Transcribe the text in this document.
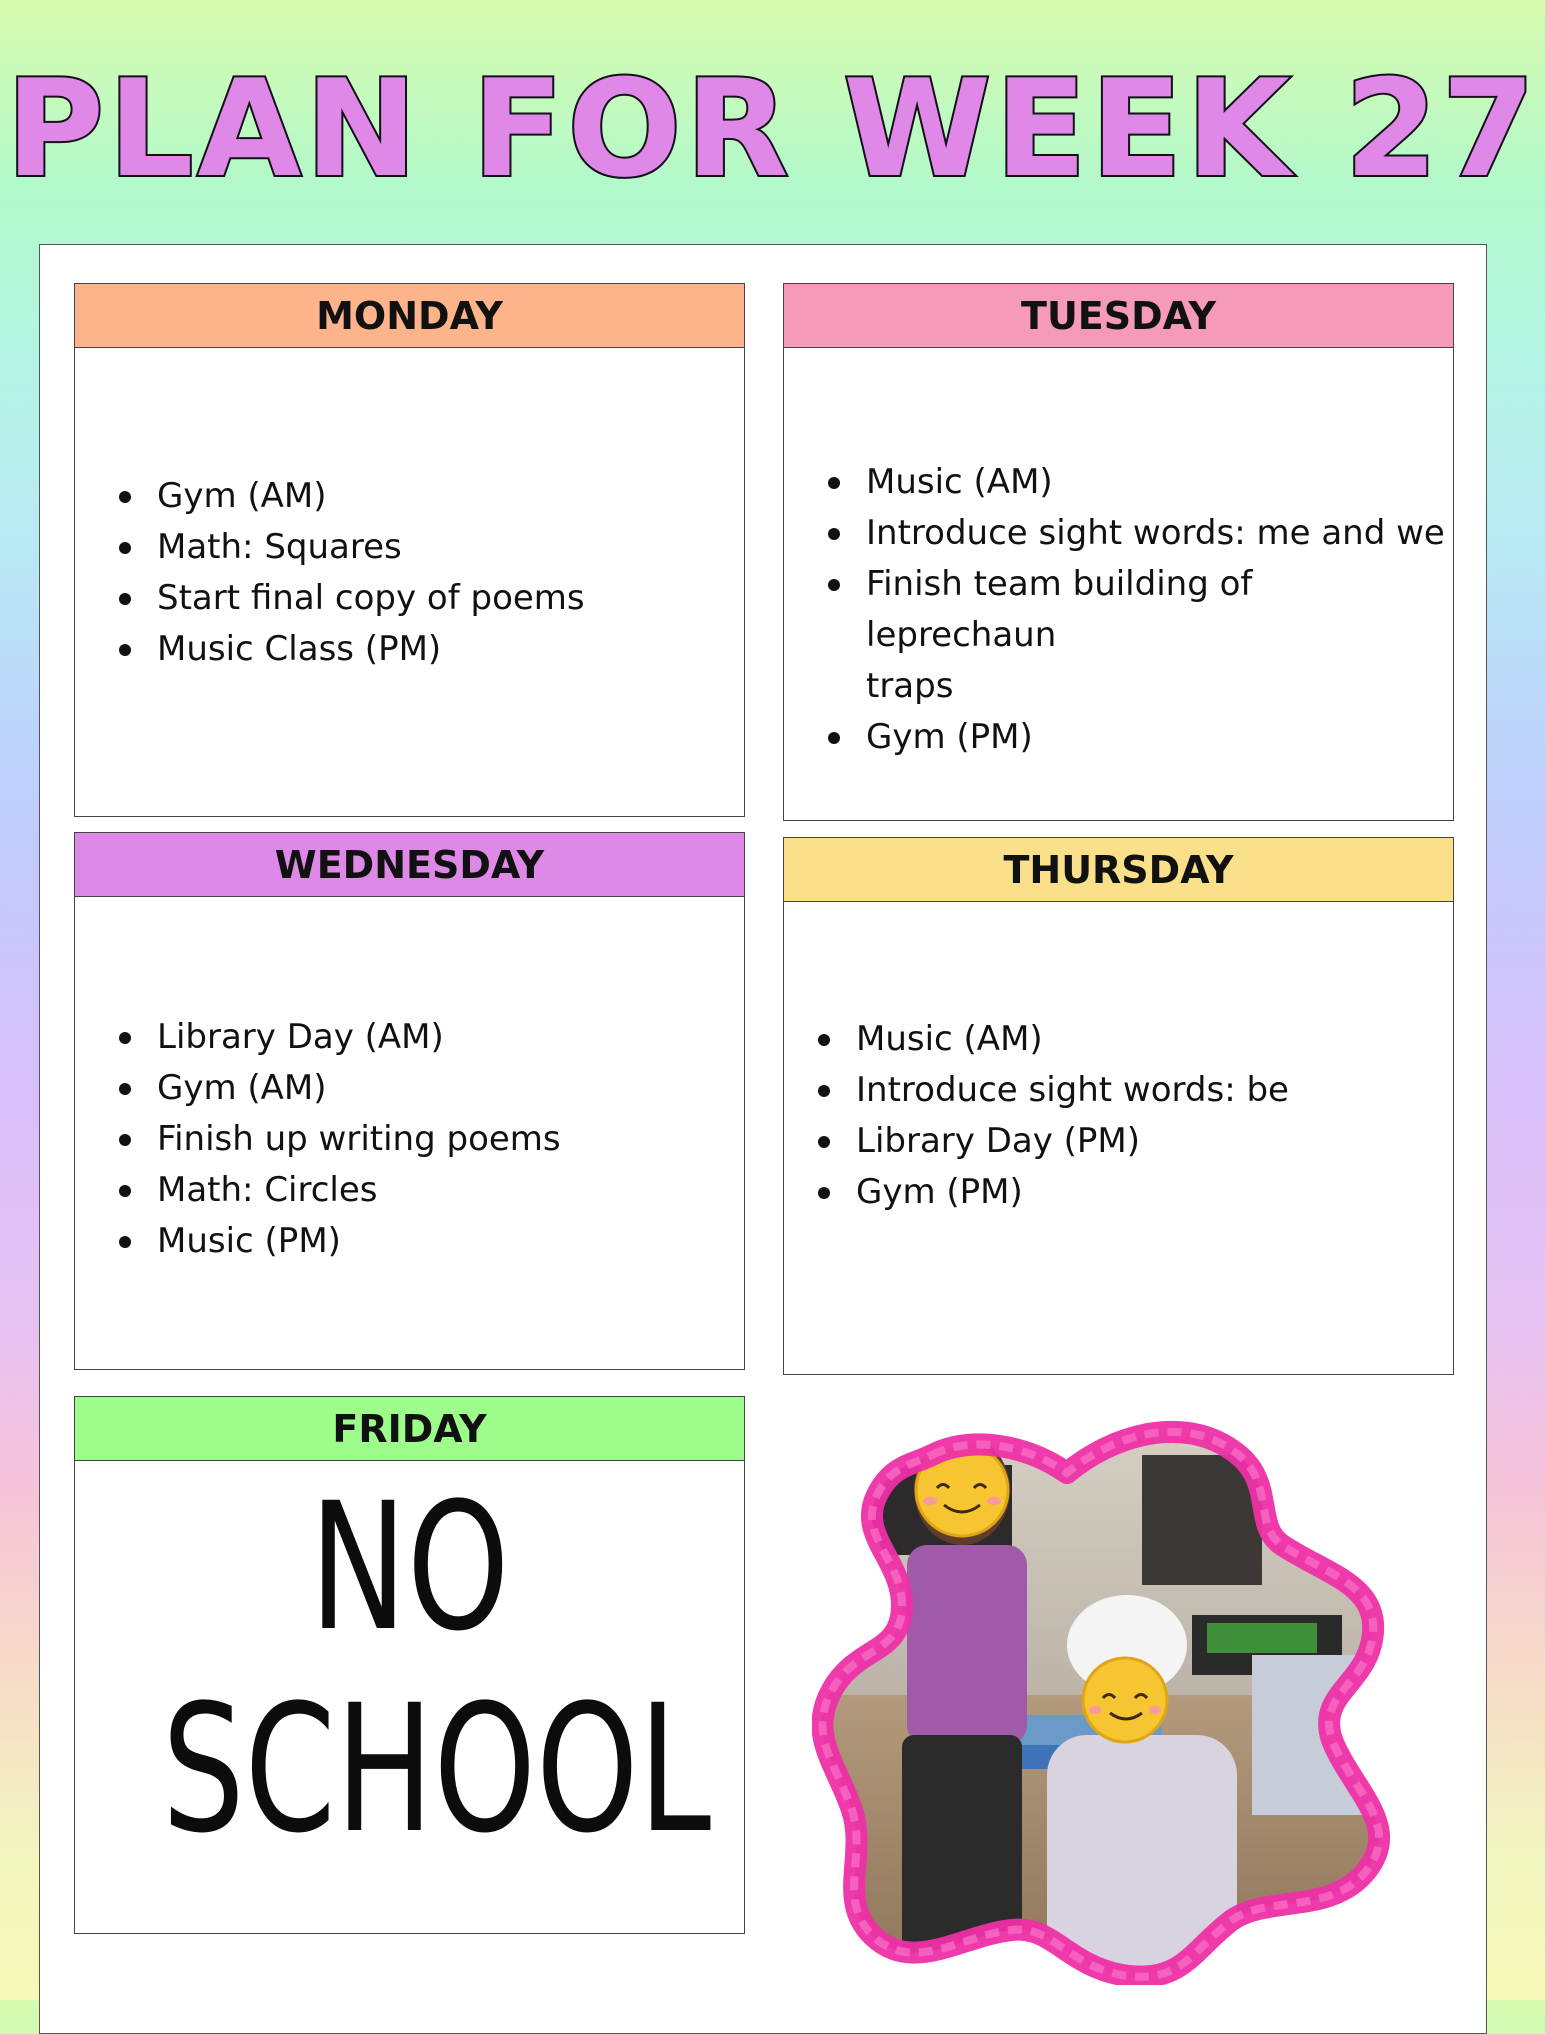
PLAN FOR WEEK 27
MONDAY
Gym (AM)
Math: Squares
Start final copy of poems
Music Class (PM)
TUESDAY
Music (AM)
Introduce sight words: me and we
Finish team building of leprechaun
traps
Gym (PM)
WEDNESDAY
Library Day (AM)
Gym (AM)
Finish up writing poems
Math: Circles
Music (PM)
THURSDAY
Music (AM)
Introduce sight words: be
Library Day (PM)
Gym (PM)
FRIDAY
NO
SCHOOL
